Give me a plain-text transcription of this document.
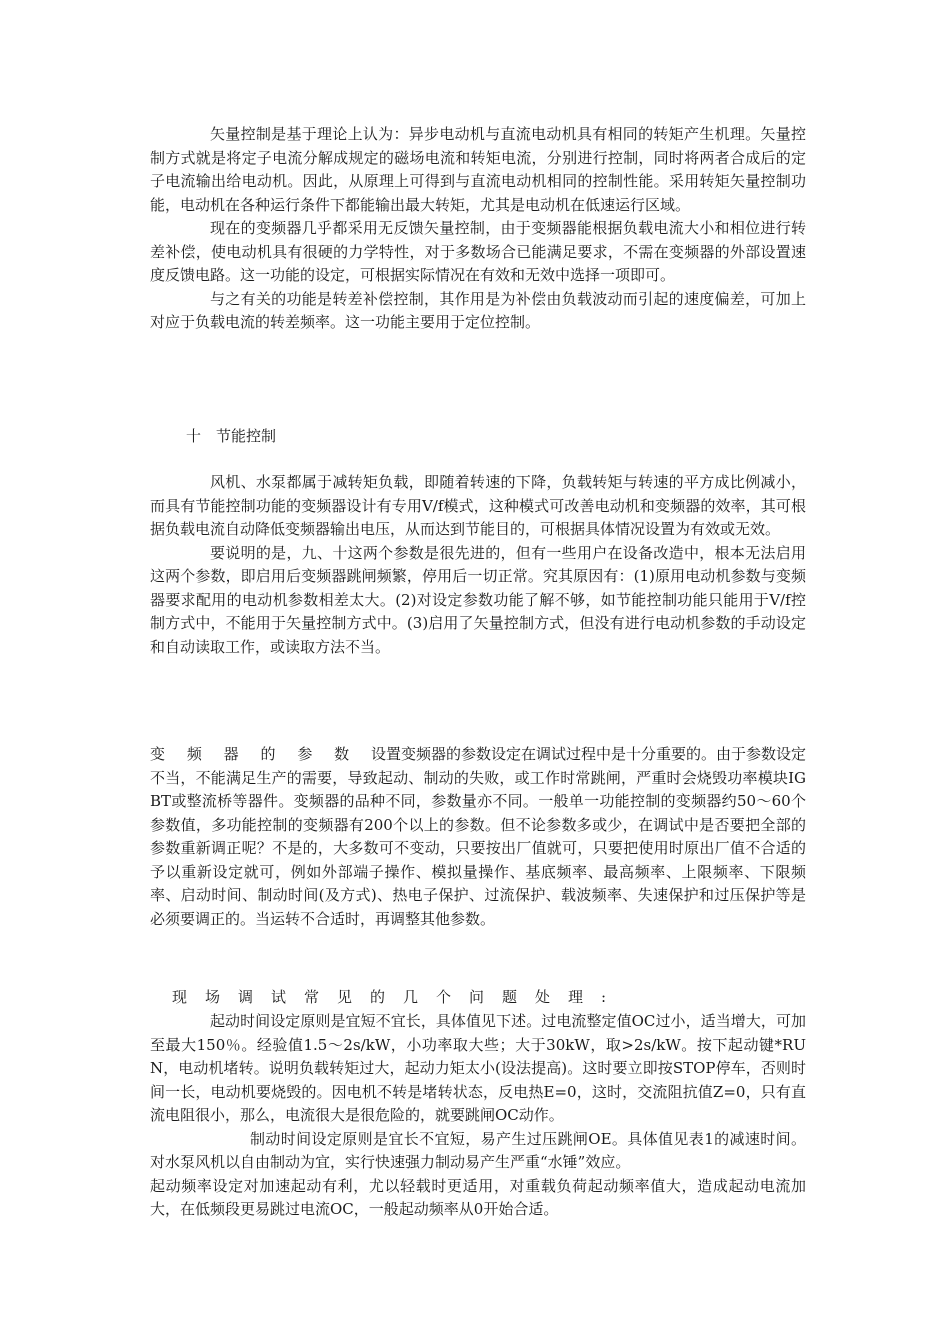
矢量控制是基于理论上认为：异步电动机与直流电动机具有相同的转矩产生机理。矢量控制方式就是将定子电流分解成规定的磁场电流和转矩电流，分别进行控制，同时将两者合成后的定子电流输出给电动机。因此，从原理上可得到与直流电动机相同的控制性能。采用转矩矢量控制功能，电动机在各种运行条件下都能输出最大转矩，尤其是电动机在低速运行区域。

现在的变频器几乎都采用无反馈矢量控制，由于变频器能根据负载电流大小和相位进行转差补偿，使电动机具有很硬的力学特性，对于多数场合已能满足要求，不需在变频器的外部设置速度反馈电路。这一功能的设定，可根据实际情况在有效和无效中选择一项即可。

与之有关的功能是转差补偿控制，其作用是为补偿由负载波动而引起的速度偏差，可加上对应于负载电流的转差频率。这一功能主要用于定位控制。

十　节能控制

风机、水泵都属于减转矩负载，即随着转速的下降，负载转矩与转速的平方成比例减小，而具有节能控制功能的变频器设计有专用V/f模式，这种模式可改善电动机和变频器的效率，其可根据负载电流自动降低变频器输出电压，从而达到节能目的，可根据具体情况设置为有效或无效。

要说明的是，九、十这两个参数是很先进的，但有一些用户在设备改造中，根本无法启用这两个参数，即启用后变频器跳闸频繁，停用后一切正常。究其原因有：(1)原用电动机参数与变频器要求配用的电动机参数相差太大。(2)对设定参数功能了解不够，如节能控制功能只能用于V/f控制方式中，不能用于矢量控制方式中。(3)启用了矢量控制方式，但没有进行电动机参数的手动设定和自动读取工作，或读取方法不当。

变频器的参数设置变频器的参数设定在调试过程中是十分重要的。由于参数设定不当，不能满足生产的需要，导致起动、制动的失败，或工作时常跳闸，严重时会烧毁功率模块IGBT或整流桥等器件。变频器的品种不同，参数量亦不同。一般单一功能控制的变频器约50～60个参数值，多功能控制的变频器有200个以上的参数。但不论参数多或少，在调试中是否要把全部的参数重新调正呢？不是的，大多数可不变动，只要按出厂值就可，只要把使用时原出厂值不合适的予以重新设定就可，例如外部端子操作、模拟量操作、基底频率、最高频率、上限频率、下限频率、启动时间、制动时间(及方式)、热电子保护、过流保护、载波频率、失速保护和过压保护等是必须要调正的。当运转不合适时，再调整其他参数。

现场调试常见的几个问题处理:

起动时间设定原则是宜短不宜长，具体值见下述。过电流整定值OC过小，适当增大，可加至最大150％。经验值1.5～2s/kW，小功率取大些；大于30kW，取>2s/kW。按下起动键*RUN，电动机堵转。说明负载转矩过大，起动力矩太小(设法提高)。这时要立即按STOP停车，否则时间一长，电动机要烧毁的。因电机不转是堵转状态，反电热E=0，这时，交流阻抗值Z=0，只有直流电阻很小，那么，电流很大是很危险的，就要跳闸OC动作。

制动时间设定原则是宜长不宜短，易产生过压跳闸OE。具体值见表1的减速时间。对水泵风机以自由制动为宜，实行快速强力制动易产生严重“水锤”效应。

起动频率设定对加速起动有利，尤以轻载时更适用，对重载负荷起动频率值大，造成起动电流加大，在低频段更易跳过电流OC，一般起动频率从0开始合适。
